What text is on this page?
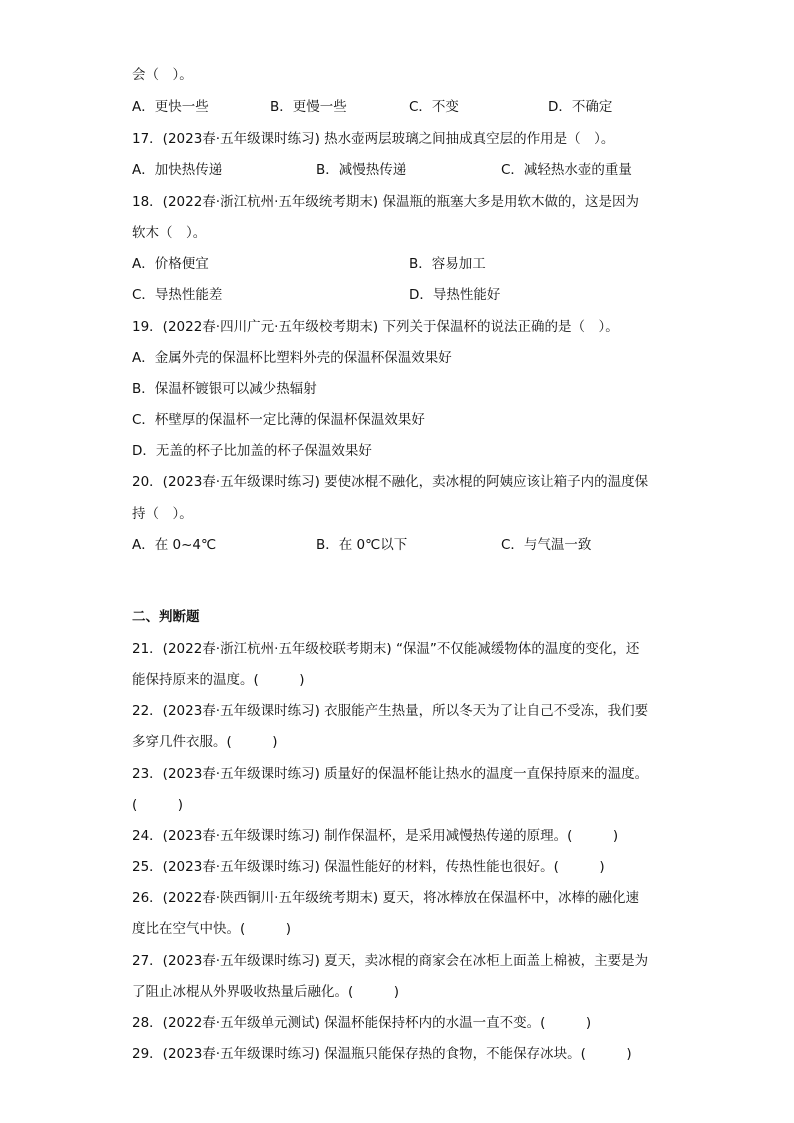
会（　）。
A．更快一些	B．更慢一些	C．不变	D．不确定
17．(2023春·五年级课时练习) 热水壶两层玻璃之间抽成真空层的作用是（　）。
A．加快热传递	B．减慢热传递	C．减轻热水壶的重量
18．(2022春·浙江杭州·五年级统考期末) 保温瓶的瓶塞大多是用软木做的，这是因为
软木（　）。
A．价格便宜	B．容易加工
C．导热性能差	D．导热性能好
19．(2022春·四川广元·五年级校考期末) 下列关于保温杯的说法正确的是（　）。
A．金属外壳的保温杯比塑料外壳的保温杯保温效果好
B．保温杯镀银可以减少热辐射
C．杯壁厚的保温杯一定比薄的保温杯保温效果好
D．无盖的杯子比加盖的杯子保温效果好
20．(2023春·五年级课时练习) 要使冰棍不融化，卖冰棍的阿姨应该让箱子内的温度保
持（　）。
A．在 0~4℃	B．在 0℃以下	C．与气温一致
二、判断题
21．(2022春·浙江杭州·五年级校联考期末) “保温”不仅能减缓物体的温度的变化，还
能保持原来的温度。(　　　)
22．(2023春·五年级课时练习) 衣服能产生热量，所以冬天为了让自己不受冻，我们要
多穿几件衣服。(　　　)
23．(2023春·五年级课时练习) 质量好的保温杯能让热水的温度一直保持原来的温度。
(　　　)
24．(2023春·五年级课时练习) 制作保温杯，是采用减慢热传递的原理。(　　　)
25．(2023春·五年级课时练习) 保温性能好的材料，传热性能也很好。(　　　)
26．(2022春·陕西铜川·五年级统考期末) 夏天，将冰棒放在保温杯中，冰棒的融化速
度比在空气中快。(　　　)
27．(2023春·五年级课时练习) 夏天，卖冰棍的商家会在冰柜上面盖上棉被，主要是为
了阻止冰棍从外界吸收热量后融化。(　　　)
28．(2022春·五年级单元测试) 保温杯能保持杯内的水温一直不变。(　　　)
29．(2023春·五年级课时练习) 保温瓶只能保存热的食物，不能保存冰块。(　　　)
